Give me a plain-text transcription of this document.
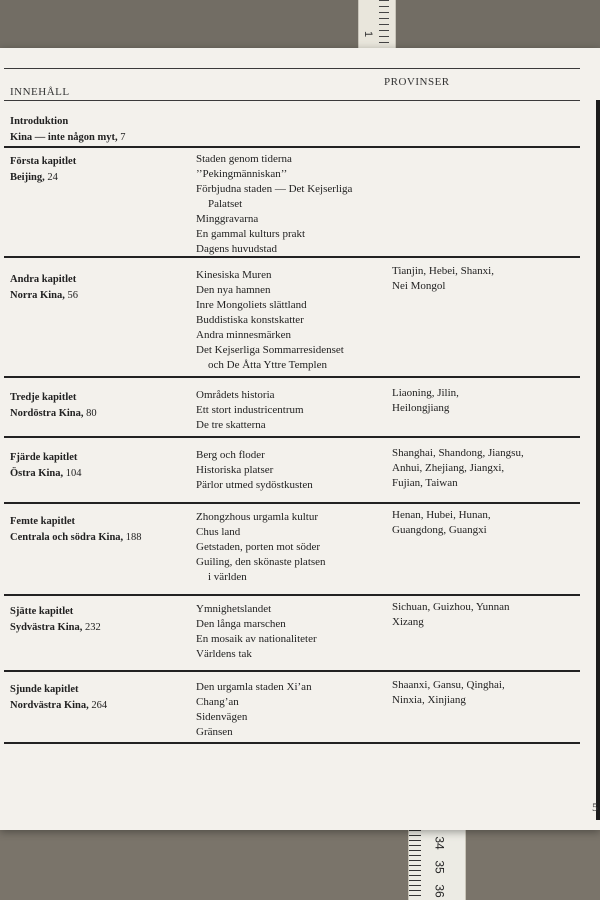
1
34
35
36
PROVINSER
INNEHÅLL
Introduktion
Kina — inte någon myt, 7
Första kapitlet
Beijing, 24
Staden genom tiderna
’’Pekingmänniskan’’
Förbjudna staden — Det Kejserliga
Palatset
Minggravarna
En gammal kulturs prakt
Dagens huvudstad
Andra kapitlet
Norra Kina, 56
Kinesiska Muren
Den nya hamnen
Inre Mongoliets slättland
Buddistiska konstskatter
Andra minnesmärken
Det Kejserliga Sommarresidenset
och De Åtta Yttre Templen
Tianjin, Hebei, Shanxi,
Nei Mongol
Tredje kapitlet
Nordöstra Kina, 80
Områdets historia
Ett stort industricentrum
De tre skatterna
Liaoning, Jilin,
Heilongjiang
Fjärde kapitlet
Östra Kina, 104
Berg och floder
Historiska platser
Pärlor utmed sydöstkusten
Shanghai, Shandong, Jiangsu,
Anhui, Zhejiang, Jiangxi,
Fujian, Taiwan
Femte kapitlet
Centrala och södra Kina, 188
Zhongzhous urgamla kultur
Chus land
Getstaden, porten mot söder
Guiling, den skönaste platsen
i världen
Henan, Hubei, Hunan,
Guangdong, Guangxi
Sjätte kapitlet
Sydvästra Kina, 232
Ymnighetslandet
Den långa marschen
En mosaik av nationaliteter
Världens tak
Sichuan, Guizhou, Yunnan
Xizang
Sjunde kapitlet
Nordvästra Kina, 264
Den urgamla staden Xi’an
Chang’an
Sidenvägen
Gränsen
Shaanxi, Gansu, Qinghai,
Ninxia, Xinjiang
5
